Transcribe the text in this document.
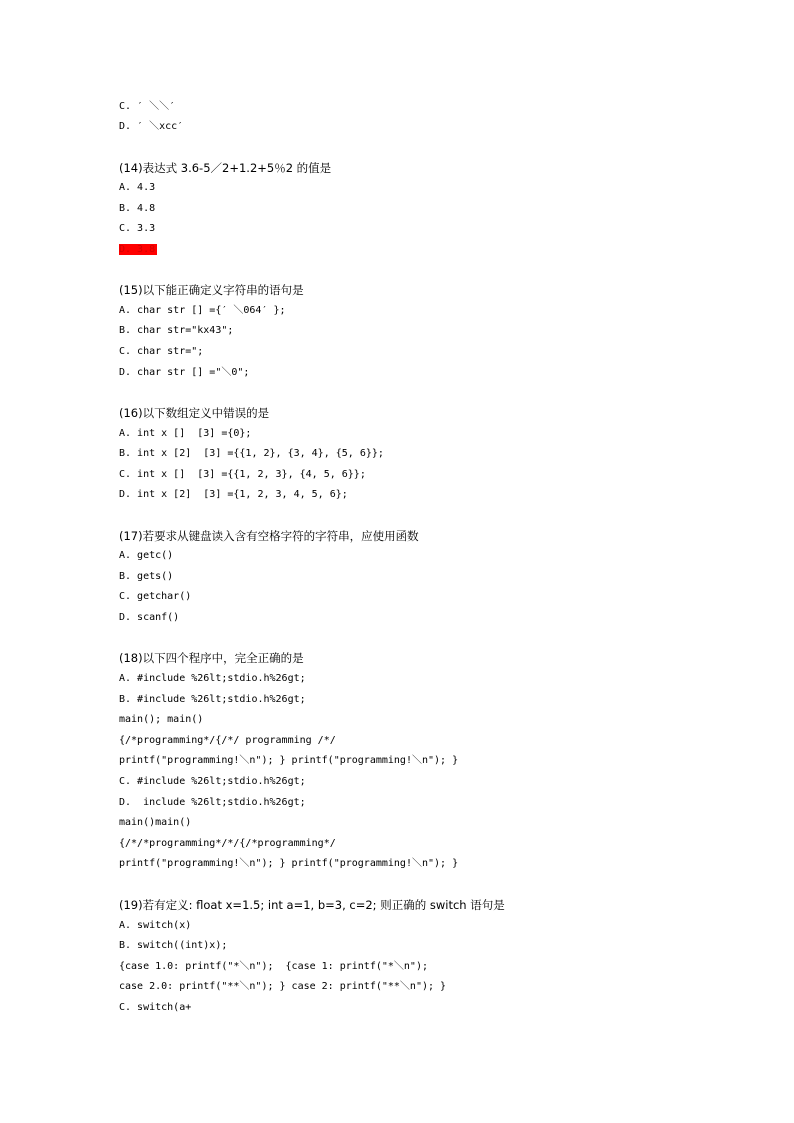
C. ′ ＼＼′

D. ′ ＼xcc′

(14)表达式 3.6-5／2+1.2+5％2 的值是

A. 4.3

B. 4.8

C. 3.3

D. 3.8

(15)以下能正确定义字符串的语句是

A. char str [] ={′ ＼064′ };

B. char str="kx43";

C. char str=";

D. char str [] ="＼0";

(16)以下数组定义中错误的是

A. int x []  [3] ={0};

B. int x [2]  [3] ={{1, 2}, {3, 4}, {5, 6}};

C. int x []  [3] ={{1, 2, 3}, {4, 5, 6}};

D. int x [2]  [3] ={1, 2, 3, 4, 5, 6};

(17)若要求从键盘读入含有空格字符的字符串，应使用函数

A. getc()

B. gets()

C. getchar()

D. scanf()

(18)以下四个程序中，完全正确的是

A. #include %26lt;stdio.h%26gt;

B. #include %26lt;stdio.h%26gt;

main(); main()

{/*programming*/{/*/ programming /*/

printf("programming!＼n"); } printf("programming!＼n"); }

C. #include %26lt;stdio.h%26gt;

D.  include %26lt;stdio.h%26gt;

main()main()

{/*/*programming*/*/{/*programming*/

printf("programming!＼n"); } printf("programming!＼n"); }

(19)若有定义: float x=1.5; int a=1, b=3, c=2; 则正确的 switch 语句是

A. switch(x)

B. switch((int)x);

{case 1.0: printf("*＼n");  {case 1: printf("*＼n");

case 2.0: printf("**＼n"); } case 2: printf("**＼n"); }

C. switch(a+
